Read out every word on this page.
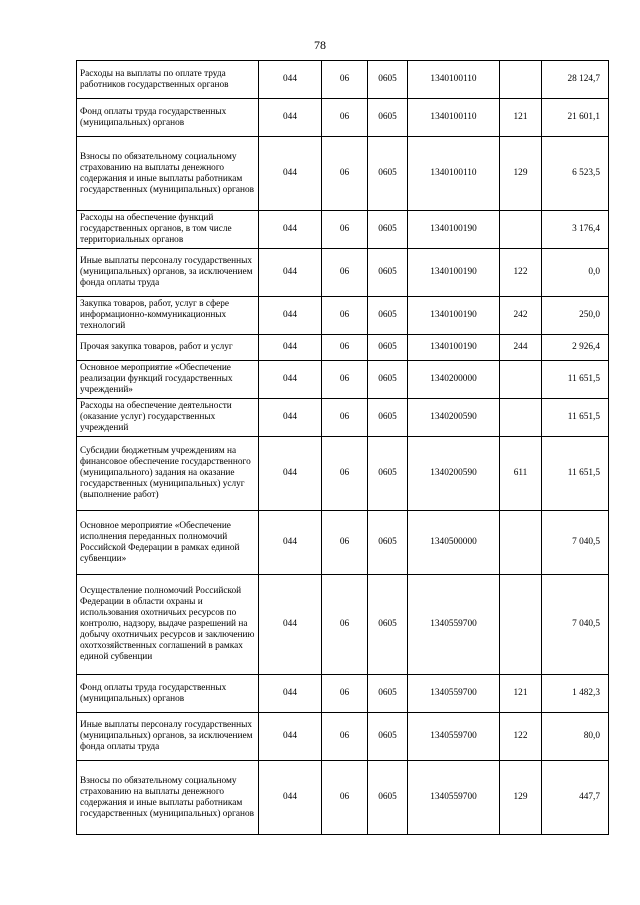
78
Расходы на выплаты по оплате труда работников государственных органов	044	06	0605	1340100110		28 124,7
Фонд оплаты труда государственных (муниципальных) органов	044	06	0605	1340100110	121	21 601,1
Взносы по обязательному социальному страхованию на выплаты денежного содержания и иные выплаты работникам государственных (муниципальных) органов	044	06	0605	1340100110	129	6 523,5
Расходы на обеспечение функций государственных органов, в том числе территориальных органов	044	06	0605	1340100190		3 176,4
Иные выплаты персоналу государственных (муниципальных) органов, за исключением фонда оплаты труда	044	06	0605	1340100190	122	0,0
Закупка товаров, работ, услуг в сфере информационно-коммуникационных технологий	044	06	0605	1340100190	242	250,0
Прочая закупка товаров, работ и услуг	044	06	0605	1340100190	244	2 926,4
Основное мероприятие «Обеспечение реализации функций государственных учреждений»	044	06	0605	1340200000		11 651,5
Расходы на обеспечение деятельности (оказание услуг) государственных учреждений	044	06	0605	1340200590		11 651,5
Субсидии бюджетным учреждениям на финансовое обеспечение государственного (муниципального) задания на оказание государственных (муниципальных) услуг (выполнение работ)	044	06	0605	1340200590	611	11 651,5
Основное мероприятие «Обеспечение исполнения переданных полномочий Российской Федерации в рамках единой субвенции»	044	06	0605	1340500000		7 040,5
Осуществление полномочий Российской Федерации в области охраны и использования охотничьих ресурсов по контролю, надзору, выдаче разрешений на добычу охотничьих ресурсов и заключению охотхозяйственных соглашений в рамках единой субвенции	044	06	0605	1340559700		7 040,5
Фонд оплаты труда государственных (муниципальных) органов	044	06	0605	1340559700	121	1 482,3
Иные выплаты персоналу государственных (муниципальных) органов, за исключением фонда оплаты труда	044	06	0605	1340559700	122	80,0
Взносы по обязательному социальному страхованию на выплаты денежного содержания и иные выплаты работникам государственных (муниципальных) органов	044	06	0605	1340559700	129	447,7
